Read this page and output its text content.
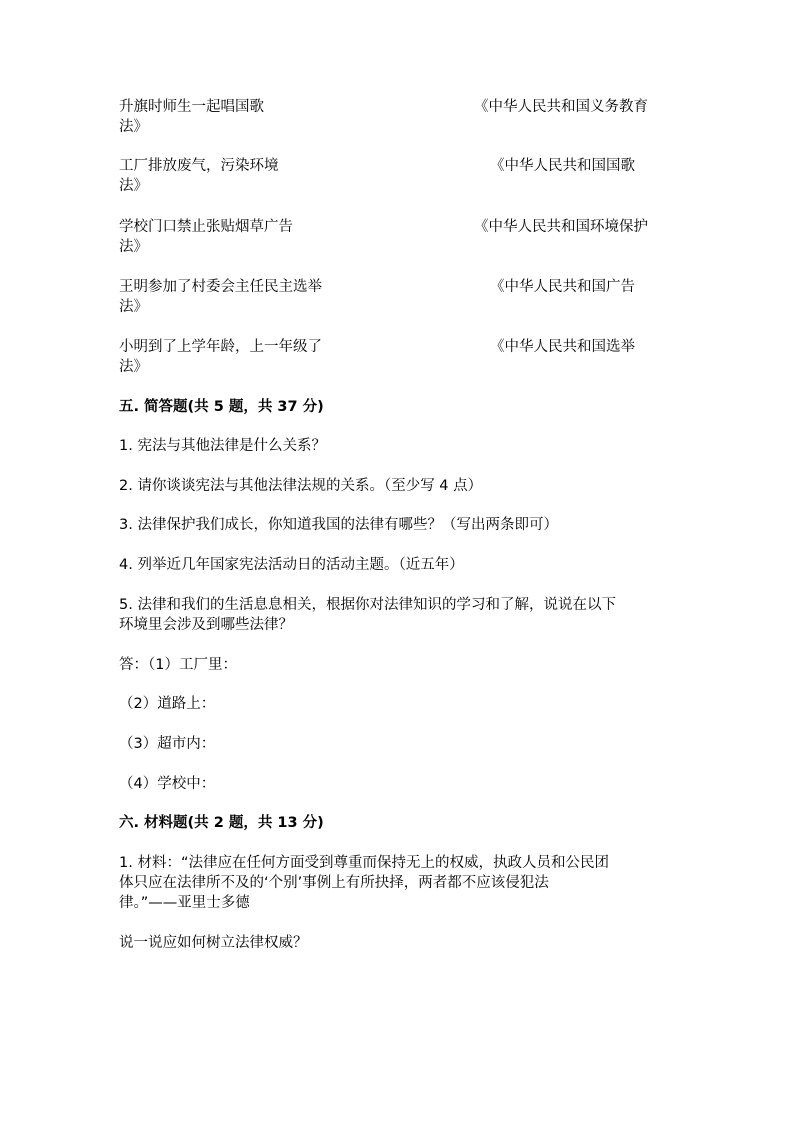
升旗时师生一起唱国歌	《中华人民共和国义务教育
法》
工厂排放废气，污染环境	《中华人民共和国国歌
法》
学校门口禁止张贴烟草广告	《中华人民共和国环境保护
法》
王明参加了村委会主任民主选举	《中华人民共和国广告
法》
小明到了上学年龄，上一年级了	《中华人民共和国选举
法》
五. 简答题(共 5 题，共 37 分)
1. 宪法与其他法律是什么关系？
2. 请你谈谈宪法与其他法律法规的关系。（至少写 4 点）
3. 法律保护我们成长，你知道我国的法律有哪些？（写出两条即可）
4. 列举近几年国家宪法活动日的活动主题。（近五年）
5. 法律和我们的生活息息相关，根据你对法律知识的学习和了解，说说在以下
环境里会涉及到哪些法律？
答：（1）工厂里：
（2）道路上：
（3）超市内：
（4）学校中：
六. 材料题(共 2 题，共 13 分)
1. 材料：“法律应在任何方面受到尊重而保持无上的权威，执政人员和公民团
体只应在法律所不及的‘个别’事例上有所抉择，两者都不应该侵犯法
律。”——亚里士多德
说一说应如何树立法律权威？
